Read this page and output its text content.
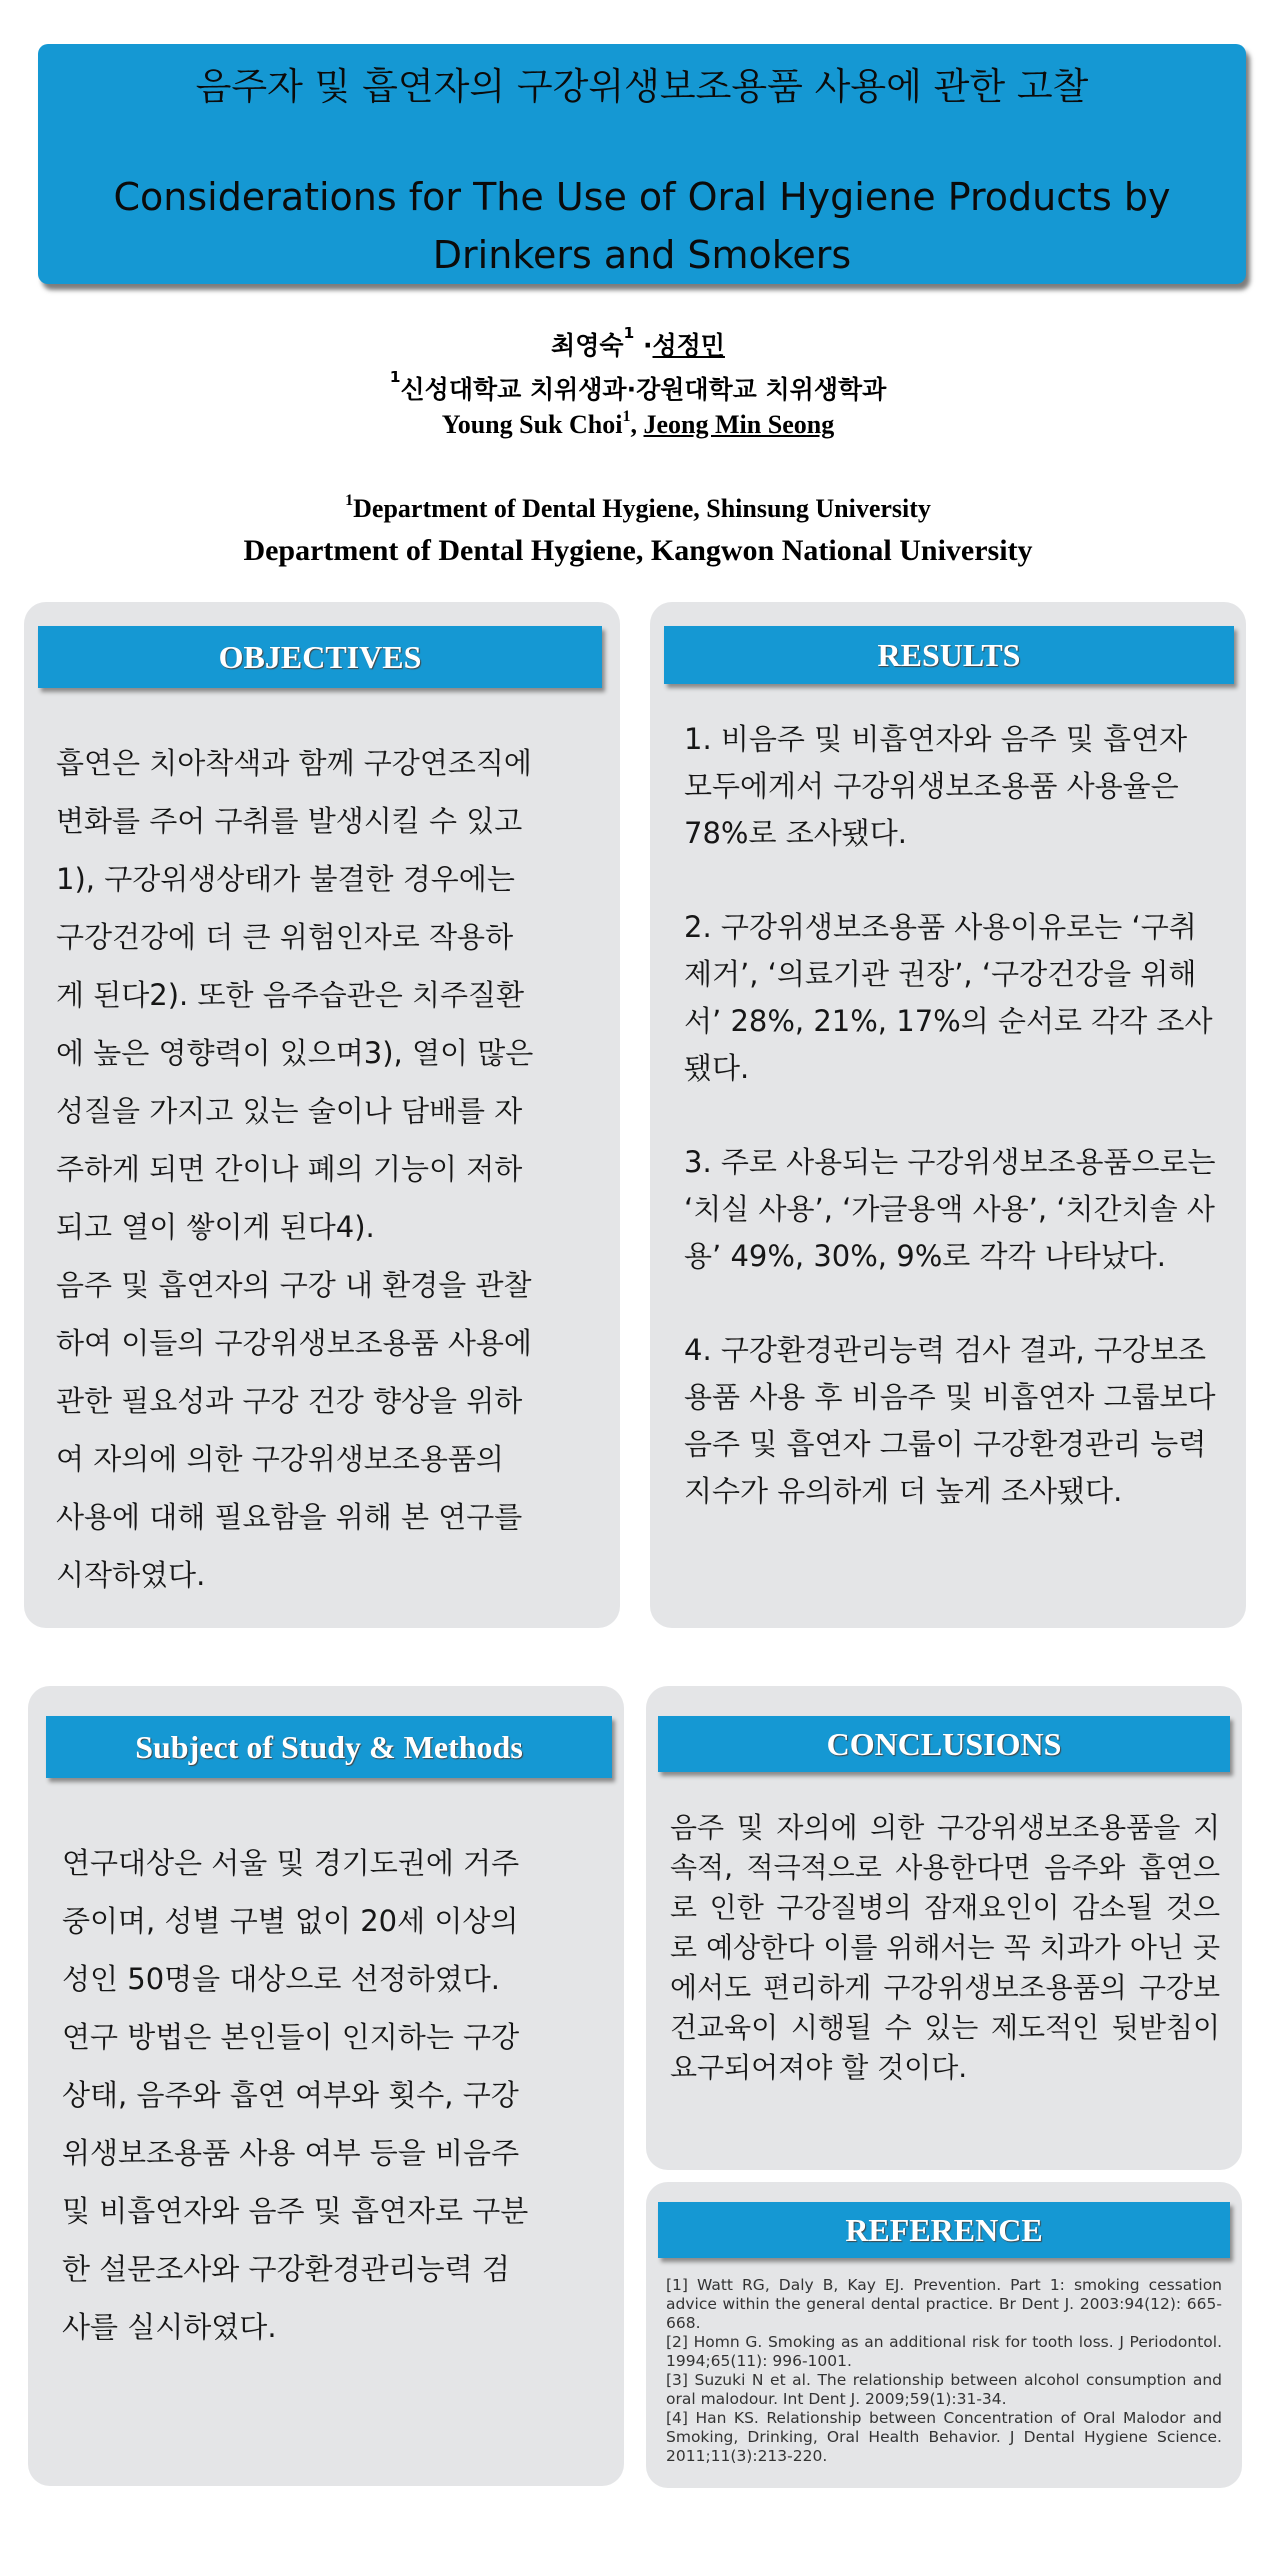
음주자 및 흡연자의 구강위생보조용품 사용에 관한 고찰
Considerations for The Use of Oral Hygiene Products by Drinkers and Smokers
최영숙$^1$ ·성정민
$^1$신성대학교 치위생과·강원대학교 치위생학과
Young Suk Choi$^1$, Jeong Min Seong
$^1$Department of Dental Hygiene, Shinsung University
Department of Dental Hygiene, Kangwon National University
OBJECTIVES
흡연은 치아착색과 함께 구강연조직에
변화를 주어 구취를 발생시킬 수 있고
1), 구강위생상태가 불결한 경우에는
구강건강에 더 큰 위험인자로 작용하
게 된다2). 또한 음주습관은 치주질환
에 높은 영향력이 있으며3), 열이 많은
성질을 가지고 있는 술이나 담배를 자
주하게 되면 간이나 폐의 기능이 저하
되고 열이 쌓이게 된다4).
음주 및 흡연자의 구강 내 환경을 관찰
하여 이들의 구강위생보조용품 사용에
관한 필요성과 구강 건강 향상을 위하
여 자의에 의한 구강위생보조용품의
사용에 대해 필요함을 위해 본 연구를
시작하였다.
RESULTS

1. 비음주 및 비흡연자와 음주 및 흡연자 모두에게서 구강위생보조용품 사용율은 78%로 조사됐다.

2. 구강위생보조용품 사용이유로는 ‘구취 제거’, ‘의료기관 권장’, ‘구강건강을 위해서’ 28%, 21%, 17%의 순서로 각각 조사됐다.

3. 주로 사용되는 구강위생보조용품으로는 ‘치실 사용’, ‘가글용액 사용’, ‘치간치솔 사용’ 49%, 30%, 9%로 각각 나타났다.

4. 구강환경관리능력 검사 결과, 구강보조 용품 사용 후 비음주 및 비흡연자 그룹보다 음주 및 흡연자 그룹이 구강환경관리 능력지수가 유의하게 더 높게 조사됐다.

Subject of Study & Methods
연구대상은 서울 및 경기도권에 거주
중이며, 성별 구별 없이 20세 이상의
성인 50명을 대상으로 선정하였다.
연구 방법은 본인들이 인지하는 구강
상태, 음주와 흡연 여부와 횟수, 구강
위생보조용품 사용 여부 등을 비음주
및 비흡연자와 음주 및 흡연자로 구분
한 설문조사와 구강환경관리능력 검
사를 실시하였다.
CONCLUSIONS
음주 및 자의에 의한 구강위생보조용품을 지속적, 적극적으로 사용한다면 음주와 흡연으로 인한 구강질병의 잠재요인이 감소될 것으로 예상한다 이를 위해서는 꼭 치과가 아닌 곳에서도 편리하게 구강위생보조용품의 구강보건교육이 시행될 수 있는 제도적인 뒷받침이 요구되어져야 할 것이다.
REFERENCE
[1] Watt RG, Daly B, Kay EJ. Prevention. Part 1: smoking cessation advice within the general dental practice. Br Dent J. 2003:94(12): 665-668.
[2] Homn G. Smoking as an additional risk for tooth loss. J Periodontol. 1994;65(11): 996-1001.
[3] Suzuki N et al. The relationship between alcohol consumption and oral malodour. Int Dent J. 2009;59(1):31-34.
[4] Han KS. Relationship between Concentration of Oral Malodor and Smoking, Drinking, Oral Health Behavior. J Dental Hygiene Science. 2011;11(3):213-220.
